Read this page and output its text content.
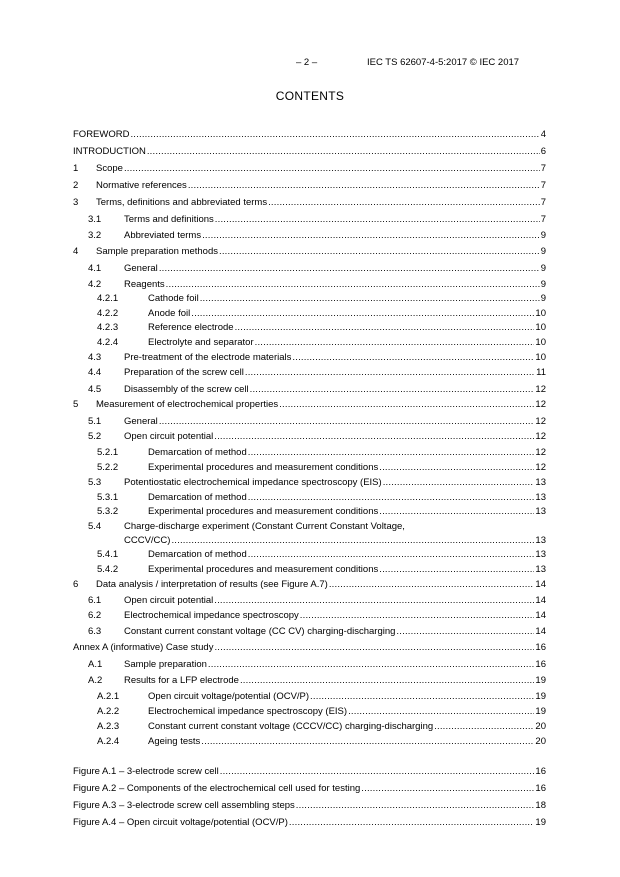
– 2 –	IEC TS 62607-4-5:2017 © IEC 2017
CONTENTS
FOREWORD .....	4
INTRODUCTION .....	6
1 Scope .....	7
2 Normative references .....	7
3 Terms, definitions and abbreviated terms .....	7
3.1 Terms and definitions .....	7
3.2 Abbreviated terms .....	9
4 Sample preparation methods .....	9
4.1 General .....	9
4.2 Reagents .....	9
4.2.1	Cathode foil .....	9
4.2.2	Anode foil .....	10
4.2.3	Reference electrode .....	10
4.2.4	Electrolyte and separator .....	10
4.3 Pre-treatment of the electrode materials .....	10
4.4 Preparation of the screw cell .....	11
4.5 Disassembly of the screw cell .....	12
5 Measurement of electrochemical properties .....	12
5.1 General .....	12
5.2 Open circuit potential .....	12
5.2.1	Demarcation of method .....	12
5.2.2	Experimental procedures and measurement conditions .....	12
5.3 Potentiostatic electrochemical impedance spectroscopy (EIS) .....	13
5.3.1	Demarcation of method .....	13
5.3.2	Experimental procedures and measurement conditions .....	13
5.4 Charge-discharge experiment (Constant Current Constant Voltage,
CCCV/CC) .....	13
5.4.1	Demarcation of method .....	13
5.4.2	Experimental procedures and measurement conditions .....	13
6 Data analysis / interpretation of results (see Figure A.7) .....	14
6.1 Open circuit potential .....	14
6.2 Electrochemical impedance spectroscopy .....	14
6.3 Constant current constant voltage (CC CV) charging-discharging .....	14
Annex A (informative) Case study .....	16
A.1 Sample preparation .....	16
A.2 Results for a LFP electrode .....	19
A.2.1	Open circuit voltage/potential (OCV/P) .....	19
A.2.2	Electrochemical impedance spectroscopy (EIS) .....	19
A.2.3	Constant current constant voltage (CCCV/CC) charging-discharging .....	20
A.2.4	Ageing tests .....	20
Figure A.1 – 3-electrode screw cell .....	16
Figure A.2 – Components of the electrochemical cell used for testing .....	16
Figure A.3 – 3-electrode screw cell assembling steps .....	18
Figure A.4 – Open circuit voltage/potential (OCV/P) .....	19
